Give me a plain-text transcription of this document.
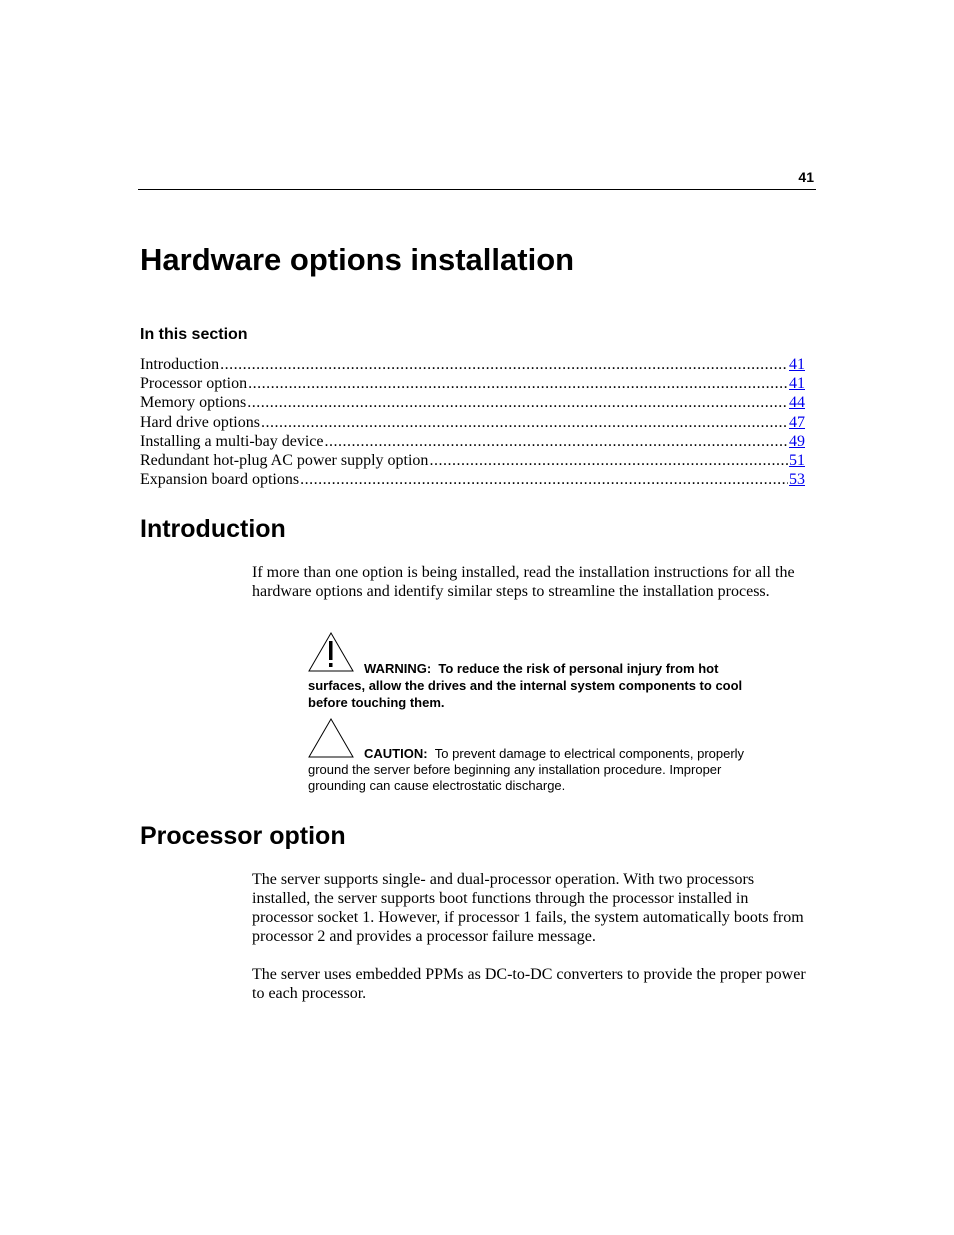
41
Hardware options installation
In this section
Introduction .....	41
Processor option .....	41
Memory options .....	44
Hard drive options .....	47
Installing a multi-bay device .....	49
Redundant hot-plug AC power supply option .....	51
Expansion board options .....	53
Introduction

If more than one option is being installed, read the installation instructions for all the hardware options and identify similar steps to streamline the installation process.

WARNING: To reduce the risk of personal injury from hot surfaces, allow the drives and the internal system components to cool before touching them.

CAUTION: To prevent damage to electrical components, properly ground the server before beginning any installation procedure. Improper grounding can cause electrostatic discharge.

Processor option

The server supports single- and dual-processor operation. With two processors installed, the server supports boot functions through the processor installed in processor socket 1. However, if processor 1 fails, the system automatically boots from processor 2 and provides a processor failure message.

The server uses embedded PPMs as DC-to-DC converters to provide the proper power to each processor.
